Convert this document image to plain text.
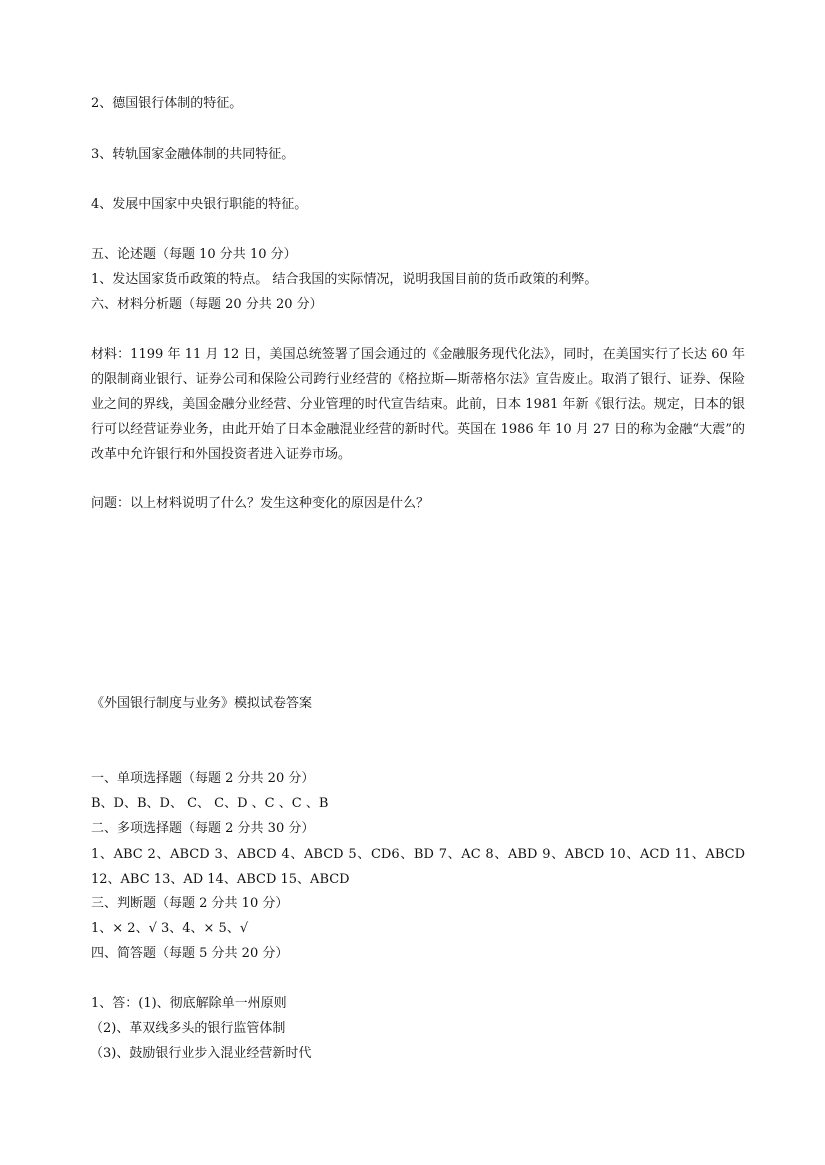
2、德国银行体制的特征。
3、转轨国家金融体制的共同特征。
4、发展中国家中央银行职能的特征。
五、论述题（每题 10 分共 10 分）
1、发达国家货币政策的特点。 结合我国的实际情况，说明我国目前的货币政策的利弊。
六、材料分析题（每题 20 分共 20 分）
材料：1199 年 11 月 12 日，美国总统签署了国会通过的《金融服务现代化法》，同时，在美国实行了长达 60 年的限制商业银行、证券公司和保险公司跨行业经营的《格拉斯—斯蒂格尔法》宣告废止。取消了银行、证券、保险业之间的界线，美国金融分业经营、分业管理的时代宣告结束。此前，日本 1981 年新《银行法。规定，日本的银行可以经营证券业务，由此开始了日本金融混业经营的新时代。英国在 1986 年 10 月 27 日的称为金融“大震”的改革中允许银行和外国投资者进入证券市场。
问题：以上材料说明了什么？发生这种变化的原因是什么？
《外国银行制度与业务》模拟试卷答案
一、单项选择题（每题 2 分共 20 分）
B、D、B、D、 C、 C、D 、C 、C 、B
二、多项选择题（每题 2 分共 30 分）
1、ABC 2、ABCD 3、ABCD 4、ABCD 5、CD6、BD 7、AC 8、ABD 9、ABCD 10、ACD 11、ABCD 12、ABC 13、AD 14、ABCD 15、ABCD
三、判断题（每题 2 分共 10 分）
1、× 2、√ 3、4、× 5、√
四、简答题（每题 5 分共 20 分）
1、答：(1)、彻底解除单一州原则
（2)、革双线多头的银行监管体制
（3)、鼓励银行业步入混业经营新时代
